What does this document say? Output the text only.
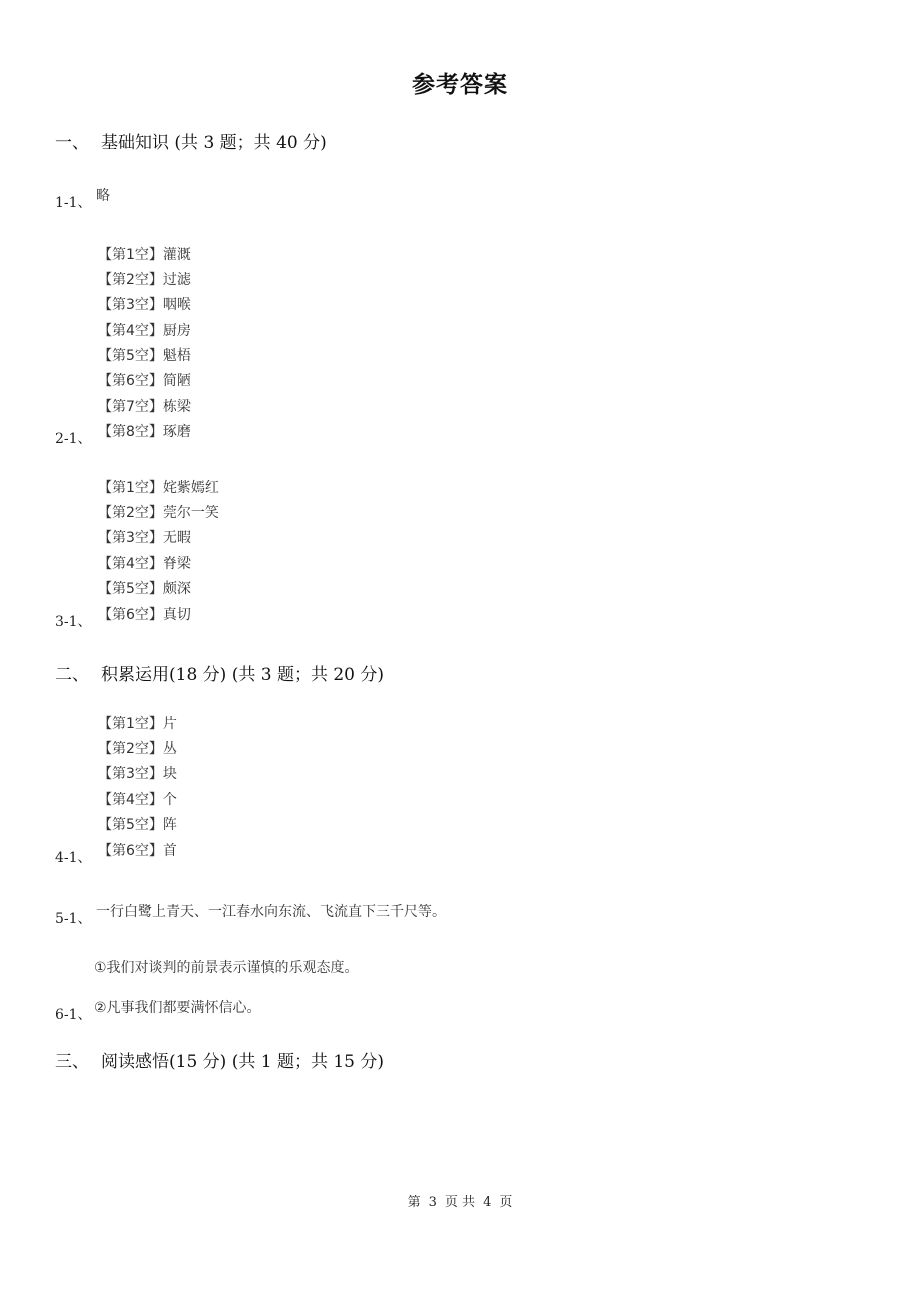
参考答案
一、 基础知识 (共 3 题；共 40 分)
1-1、 略
【第1空】灌溉
【第2空】过滤
【第3空】咽喉
【第4空】厨房
【第5空】魁梧
【第6空】简陋
【第7空】栋梁
【第8空】琢磨
2-1、
【第1空】姹紫嫣红
【第2空】莞尔一笑
【第3空】无暇
【第4空】脊梁
【第5空】颇深
【第6空】真切
3-1、
二、 积累运用(18 分) (共 3 题；共 20 分)
【第1空】片
【第2空】丛
【第3空】块
【第4空】个
【第5空】阵
【第6空】首
4-1、
5-1、 一行白鹭上青天、一江春水向东流、飞流直下三千尺等。
①我们对谈判的前景表示谨慎的乐观态度。
②凡事我们都要满怀信心。
6-1、
三、 阅读感悟(15 分) (共 1 题；共 15 分)
第 3 页 共 4 页
